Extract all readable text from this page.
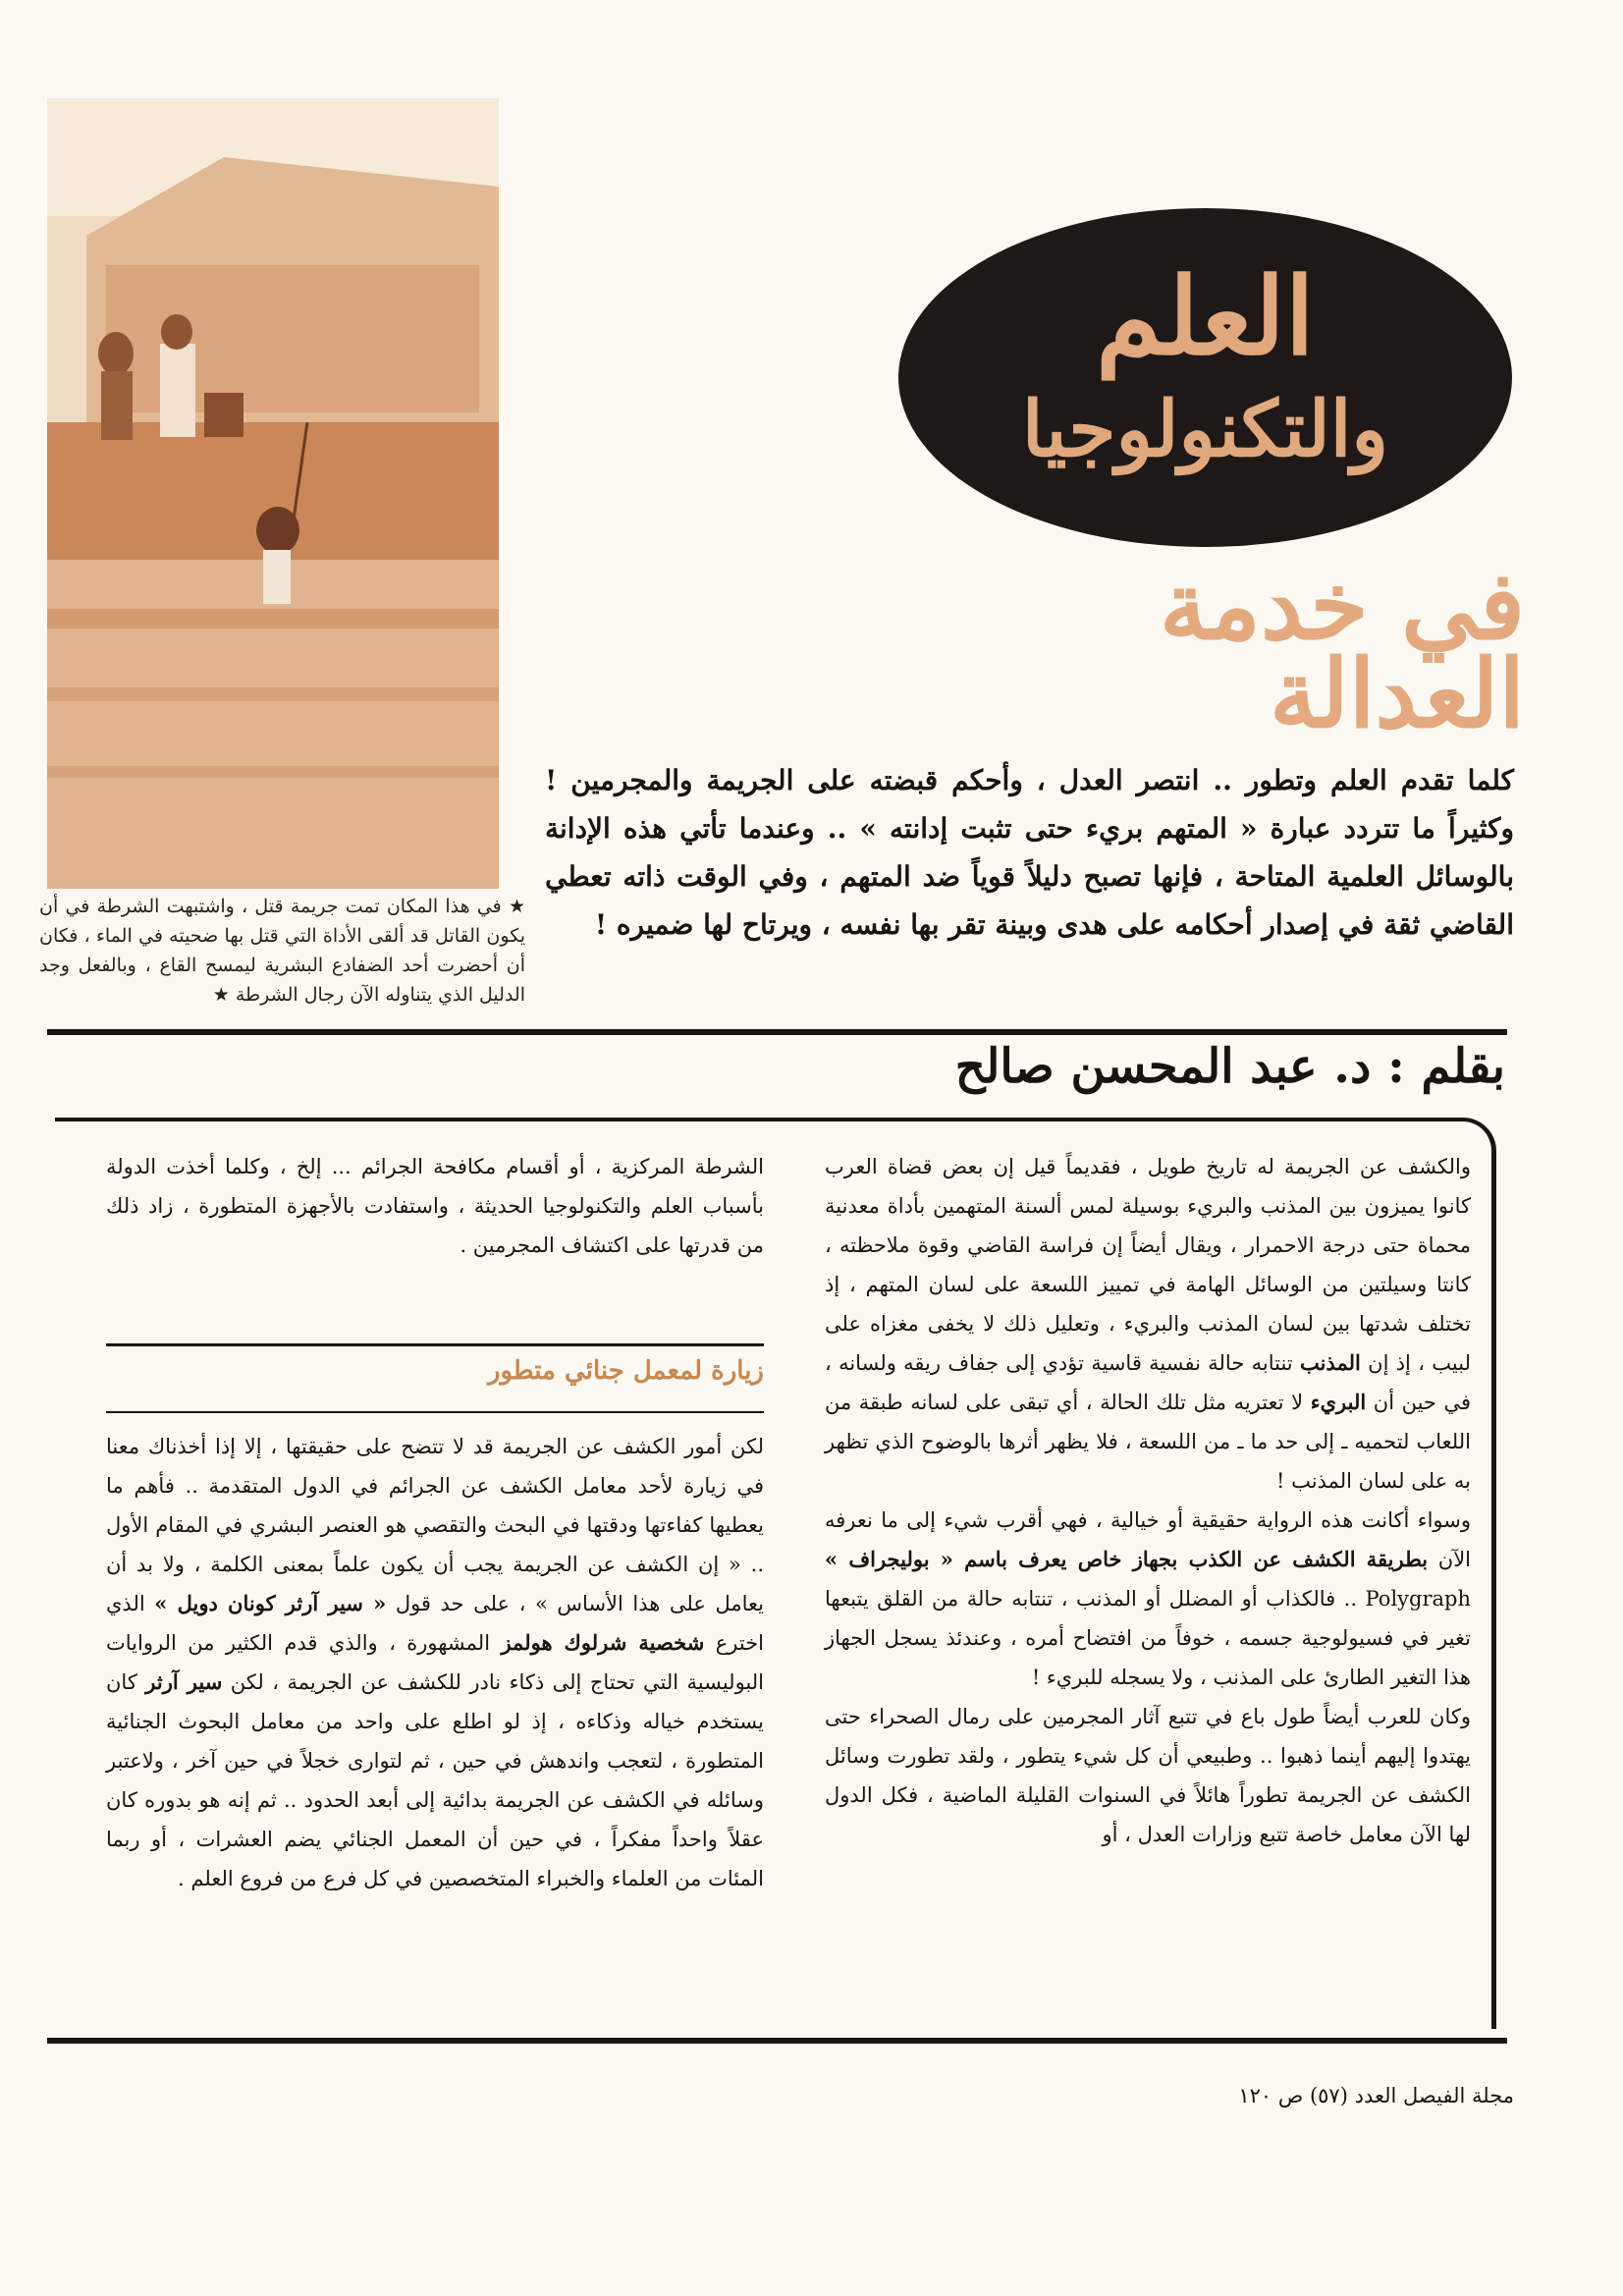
★ في هذا المكان تمت جريمة قتل ، واشتبهت الشرطة في أن يكون القاتل قد ألقى الأداة التي قتل بها ضحيته في الماء ، فكان أن أحضرت أحد الضفادع البشرية ليمسح القاع ، وبالفعل وجد الدليل الذي يتناوله الآن رجال الشرطة ★
العلم
والتكنولوجيا
في خدمة
العدالة
كلما تقدم العلم وتطور .. انتصر العدل ، وأحكم قبضته على الجريمة والمجرمين ! وكثيراً ما تتردد عبارة « المتهم بريء حتى تثبت إدانته » .. وعندما تأتي هذه الإدانة بالوسائل العلمية المتاحة ، فإنها تصبح دليلاً قوياً ضد المتهم ، وفي الوقت ذاته تعطي القاضي ثقة في إصدار أحكامه على هدى وبينة تقر بها نفسه ، ويرتاح لها ضميره !
بقلم : د. عبد المحسن صالح

والكشف عن الجريمة له تاريخ طويل ، فقديماً قيل إن بعض قضاة العرب كانوا يميزون بين المذنب والبريء بوسيلة لمس ألسنة المتهمين بأداة معدنية محماة حتى درجة الاحمرار ، ويقال أيضاً إن فراسة القاضي وقوة ملاحظته ، كانتا وسيلتين من الوسائل الهامة في تمييز اللسعة على لسان المتهم ، إذ تختلف شدتها بين لسان المذنب والبريء ، وتعليل ذلك لا يخفى مغزاه على لبيب ، إذ إن المذنب تنتابه حالة نفسية قاسية تؤدي إلى جفاف ريقه ولسانه ، في حين أن البريء لا تعتريه مثل تلك الحالة ، أي تبقى على لسانه طبقة من اللعاب لتحميه ـ إلى حد ما ـ من اللسعة ، فلا يظهر أثرها بالوضوح الذي تظهر به على لسان المذنب !

وسواء أكانت هذه الرواية حقيقية أو خيالية ، فهي أقرب شيء إلى ما نعرفه الآن بطريقة الكشف عن الكذب بجهاز خاص يعرف باسم « بوليجراف » Polygraph .. فالكذاب أو المضلل أو المذنب ، تنتابه حالة من القلق يتبعها تغير في فسيولوجية جسمه ، خوفاً من افتضاح أمره ، وعندئذ يسجل الجهاز هذا التغير الطارئ على المذنب ، ولا يسجله للبريء !

وكان للعرب أيضاً طول باع في تتبع آثار المجرمين على رمال الصحراء حتى يهتدوا إليهم أينما ذهبوا .. وطبيعي أن كل شيء يتطور ، ولقد تطورت وسائل الكشف عن الجريمة تطوراً هائلاً في السنوات القليلة الماضية ، فكل الدول لها الآن معامل خاصة تتبع وزارات العدل ، أو

الشرطة المركزية ، أو أقسام مكافحة الجرائم ... إلخ ، وكلما أخذت الدولة بأسباب العلم والتكنولوجيا الحديثة ، واستفادت بالأجهزة المتطورة ، زاد ذلك من قدرتها على اكتشاف المجرمين .
زيارة لمعمل جنائي متطور

لكن أمور الكشف عن الجريمة قد لا تتضح على حقيقتها ، إلا إذا أخذناك معنا في زيارة لأحد معامل الكشف عن الجرائم في الدول المتقدمة .. فأهم ما يعطيها كفاءتها ودقتها في البحث والتقصي هو العنصر البشري في المقام الأول .. « إن الكشف عن الجريمة يجب أن يكون علماً بمعنى الكلمة ، ولا بد أن يعامل على هذا الأساس » ، على حد قول « سير آرثر كونان دويل » الذي اخترع شخصية شرلوك هولمز المشهورة ، والذي قدم الكثير من الروايات البوليسية التي تحتاج إلى ذكاء نادر للكشف عن الجريمة ، لكن سير آرثر كان يستخدم خياله وذكاءه ، إذ لو اطلع على واحد من معامل البحوث الجنائية المتطورة ، لتعجب واندهش في حين ، ثم لتوارى خجلاً في حين آخر ، ولاعتبر وسائله في الكشف عن الجريمة بدائية إلى أبعد الحدود .. ثم إنه هو بدوره كان عقلاً واحداً مفكراً ، في حين أن المعمل الجنائي يضم العشرات ، أو ربما المئات من العلماء والخبراء المتخصصين في كل فرع من فروع العلم .

مجلة الفيصل العدد (٥٧) ص ١٢٠
